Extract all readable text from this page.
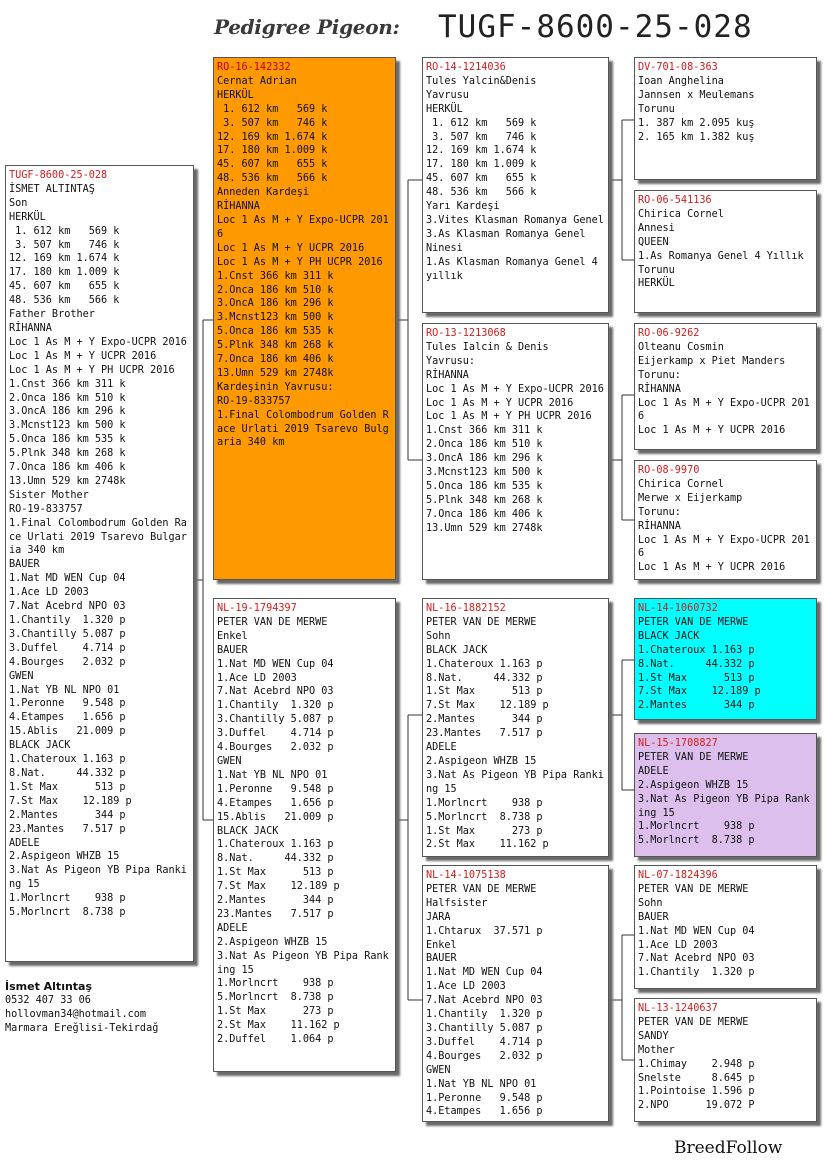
Pedigree Pigeon: TUGF-8600-25-028
TUGF-8600-25-028
İSMET ALTINTAŞ
Son
HERKÜL
1. 612 km   569 k
3. 507 km   746 k
12. 169 km 1.674 k
17. 180 km 1.009 k
45. 607 km   655 k
48. 536 km   566 k
Father Brother
RİHANNA
Loc 1 As M + Y Expo-UCPR 2016
Loc 1 As M + Y UCPR 2016
Loc 1 As M + Y PH UCPR 2016
1.Cnst 366 km 311 k
2.Onca 186 km 510 k
3.OncA 186 km 296 k
3.Mcnst123 km 500 k
5.Onca 186 km 535 k
5.Plnk 348 km 268 k
7.Onca 186 km 406 k
13.Umn 529 km 2748k
Sister Mother
RO-19-833757
1.Final Colombodrum Golden Race Urlati 2019 Tsarevo Bulgaria 340 km
BAUER
1.Nat MD WEN Cup 04
1.Ace LD 2003
7.Nat Acebrd NPO 03
1.Chantily  1.320 p
3.Chantilly 5.087 p
3.Duffel    4.714 p
4.Bourges   2.032 p
GWEN
1.Nat YB NL NPO 01
1.Peronne   9.548 p
4.Etampes   1.656 p
15.Ablis   21.009 p
BLACK JACK
1.Chateroux 1.163 p
8.Nat.     44.332 p
1.St Max      513 p
7.St Max    12.189 p
2.Mantes      344 p
23.Mantes   7.517 p
ADELE
2.Aspigeon WHZB 15
3.Nat As Pigeon YB Pipa Ranking 15
1.Morlncrt    938 p
5.Morlncrt  8.738 p
RO-16-142332
Cernat Adrian
HERKÜL
1. 612 km   569 k
3. 507 km   746 k
12. 169 km 1.674 k
17. 180 km 1.009 k
45. 607 km   655 k
48. 536 km   566 k
Anneden Kardeşi
RİHANNA
Loc 1 As M + Y Expo-UCPR 2016
Loc 1 As M + Y UCPR 2016
Loc 1 As M + Y PH UCPR 2016
1.Cnst 366 km 311 k
2.Onca 186 km 510 k
3.OncA 186 km 296 k
3.Mcnst123 km 500 k
5.Onca 186 km 535 k
5.Plnk 348 km 268 k
7.Onca 186 km 406 k
13.Umn 529 km 2748k
Kardeşinin Yavrusu:
RO-19-833757
1.Final Colombodrum Golden Race Urlati 2019 Tsarevo Bulgaria 340 km
NL-19-1794397
PETER VAN DE MERWE
Enkel
BAUER
1.Nat MD WEN Cup 04
1.Ace LD 2003
7.Nat Acebrd NPO 03
1.Chantily  1.320 p
3.Chantilly 5.087 p
3.Duffel    4.714 p
4.Bourges   2.032 p
GWEN
1.Nat YB NL NPO 01
1.Peronne   9.548 p
4.Etampes   1.656 p
15.Ablis   21.009 p
BLACK JACK
1.Chateroux 1.163 p
8.Nat.     44.332 p
1.St Max      513 p
7.St Max    12.189 p
2.Mantes      344 p
23.Mantes   7.517 p
ADELE
2.Aspigeon WHZB 15
3.Nat As Pigeon YB Pipa Ranking 15
1.Morlncrt    938 p
5.Morlncrt  8.738 p
1.St Max      273 p
2.St Max    11.162 p
2.Duffel    1.064 p
RO-14-1214036
Tules Yalcin&Denis
Yavrusu
HERKÜL
1. 612 km   569 k
3. 507 km   746 k
12. 169 km 1.674 k
17. 180 km 1.009 k
45. 607 km   655 k
48. 536 km   566 k
Yarı Kardeşi
3.Vites Klasman Romanya Genel
3.As Klasman Romanya Genel
Ninesi
1.As Klasman Romanya Genel 4 yıllık
RO-13-1213068
Tules Ialcin & Denis
Yavrusu:
RİHANNA
Loc 1 As M + Y Expo-UCPR 2016
Loc 1 As M + Y UCPR 2016
Loc 1 As M + Y PH UCPR 2016
1.Cnst 366 km 311 k
2.Onca 186 km 510 k
3.OncA 186 km 296 k
3.Mcnst123 km 500 k
5.Onca 186 km 535 k
5.Plnk 348 km 268 k
7.Onca 186 km 406 k
13.Umn 529 km 2748k
NL-16-1882152
PETER VAN DE MERWE
Sohn
BLACK JACK
1.Chateroux 1.163 p
8.Nat.     44.332 p
1.St Max      513 p
7.St Max    12.189 p
2.Mantes      344 p
23.Mantes   7.517 p
ADELE
2.Aspigeon WHZB 15
3.Nat As Pigeon YB Pipa Ranking 15
1.Morlncrt    938 p
5.Morlncrt  8.738 p
1.St Max      273 p
2.St Max    11.162 p
NL-14-1075138
PETER VAN DE MERWE
Halfsister
JARA
1.Chtarux  37.571 p
Enkel
BAUER
1.Nat MD WEN Cup 04
1.Ace LD 2003
7.Nat Acebrd NPO 03
1.Chantily  1.320 p
3.Chantilly 5.087 p
3.Duffel    4.714 p
4.Bourges   2.032 p
GWEN
1.Nat YB NL NPO 01
1.Peronne   9.548 p
4.Etampes   1.656 p
DV-701-08-363
Ioan Anghelina
Jannsen x Meulemans
Torunu
1. 387 km 2.095 kuş
2. 165 km 1.382 kuş
RO-06-541136
Chirica Cornel
Annesi
QUEEN
1.As Romanya Genel 4 Yıllık
Torunu
HERKÜL
RO-06-9262
Olteanu Cosmin
Eijerkamp x Piet Manders
Torunu:
RİHANNA
Loc 1 As M + Y Expo-UCPR 2016
Loc 1 As M + Y UCPR 2016
RO-08-9970
Chirica Cornel
Merwe x Eijerkamp
Torunu:
RİHANNA
Loc 1 As M + Y Expo-UCPR 2016
Loc 1 As M + Y UCPR 2016
NL-14-1060732
PETER VAN DE MERWE
BLACK JACK
1.Chateroux 1.163 p
8.Nat.     44.332 p
1.St Max      513 p
7.St Max    12.189 p
2.Mantes      344 p
NL-15-1708827
PETER VAN DE MERWE
ADELE
2.Aspigeon WHZB 15
3.Nat As Pigeon YB Pipa Ranking 15
1.Morlncrt    938 p
5.Morlncrt  8.738 p
NL-07-1824396
PETER VAN DE MERWE
Sohn
BAUER
1.Nat MD WEN Cup 04
1.Ace LD 2003
7.Nat Acebrd NPO 03
1.Chantily  1.320 p
NL-13-1240637
PETER VAN DE MERWE
SANDY
Mother
1.Chimay    2.948 p
Snelste     8.645 p
1.Pointoise 1.596 p
2.NPO      19.072 P
İsmet Altıntaş
0532 407 33 06
hollovman34@hotmail.com
Marmara Ereğlisi-Tekirdağ
BreedFollow
